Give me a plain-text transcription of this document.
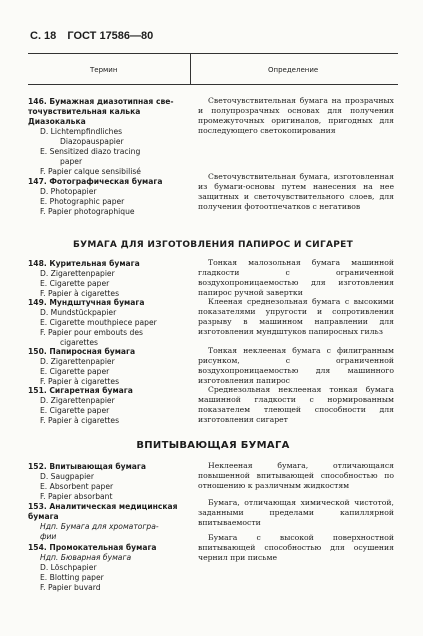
С. 18 ГОСТ 17586—80
Термин	Определение
146. Бумажная диазотипная све-
точувствительная калька
Диазокалька
D. Lichtempfindliches
Diazopauspapier
E. Sensitized diazo tracing
paper
F. Papier calque sensibilisé
Светочувствительная бумага на прозрачных и полупрозрачных основах для получения промежуточных оригиналов, пригодных для последующего светокопирования
147. Фотографическая бумага
D. Photopapier
E. Photographic paper
F. Papier photographique
Светочувствительная бумага, изготовленная из бумаги-основы путем нанесения на нее защитных и светочувствительного слоев, для получения фотоотпечатков с негативов
БУМАГА ДЛЯ ИЗГОТОВЛЕНИЯ ПАПИРОС И СИГАРЕТ
148. Курительная бумага
D. Zigarettenpapier
E. Cigarette paper
F. Papier à cigarettes
Тонкая малозольная бумага машинной гладкости с ограниченной воздухопроницаемостью для изготовления папирос ручной завертки
149. Мундштучная бумага
D. Mundstückpapier
E. Cigarette mouthpiece paper
F. Papier pour embouts des
cigarettes
Клееная среднезольная бумага с высокими показателями упругости и сопротивления разрыву в машинном направлении для изготовления мундштуков папиросных гильз
150. Папиросная бумага
D. Zigarettenpapier
E. Cigarette paper
F. Papier à cigarettes
Тонкая неклееная бумага с филигранным рисунком, с ограниченной воздухопроницаемостью для машинного изготовления папирос
151. Сигаретная бумага
D. Zigarettenpapier
E. Cigarette paper
F. Papier à cigarettes
Среднезольная неклееная тонкая бумага машинной гладкости с нормированным показателем тлеющей способности для изготовления сигарет
ВПИТЫВАЮЩАЯ БУМАГА
152. Впитывающая бумага
D. Saugpapier
E. Absorbent paper
F. Papier absorbant
Неклееная бумага, отличающаяся повышенной впитывающей способностью по отношению к различным жидкостям
153. Аналитическая медицинская
бумага
Ндп. Бумага для хроматогра-
фии
Бумага, отличающая химической чистотой, заданными пределами капиллярной впитываемости
154. Промокательная бумага
Ндп. Бюварная бумага
D. Löschpapier
E. Blotting paper
F. Papier buvard
Бумага с высокой поверхностной впитывающей способностью для осушения чернил при письме
